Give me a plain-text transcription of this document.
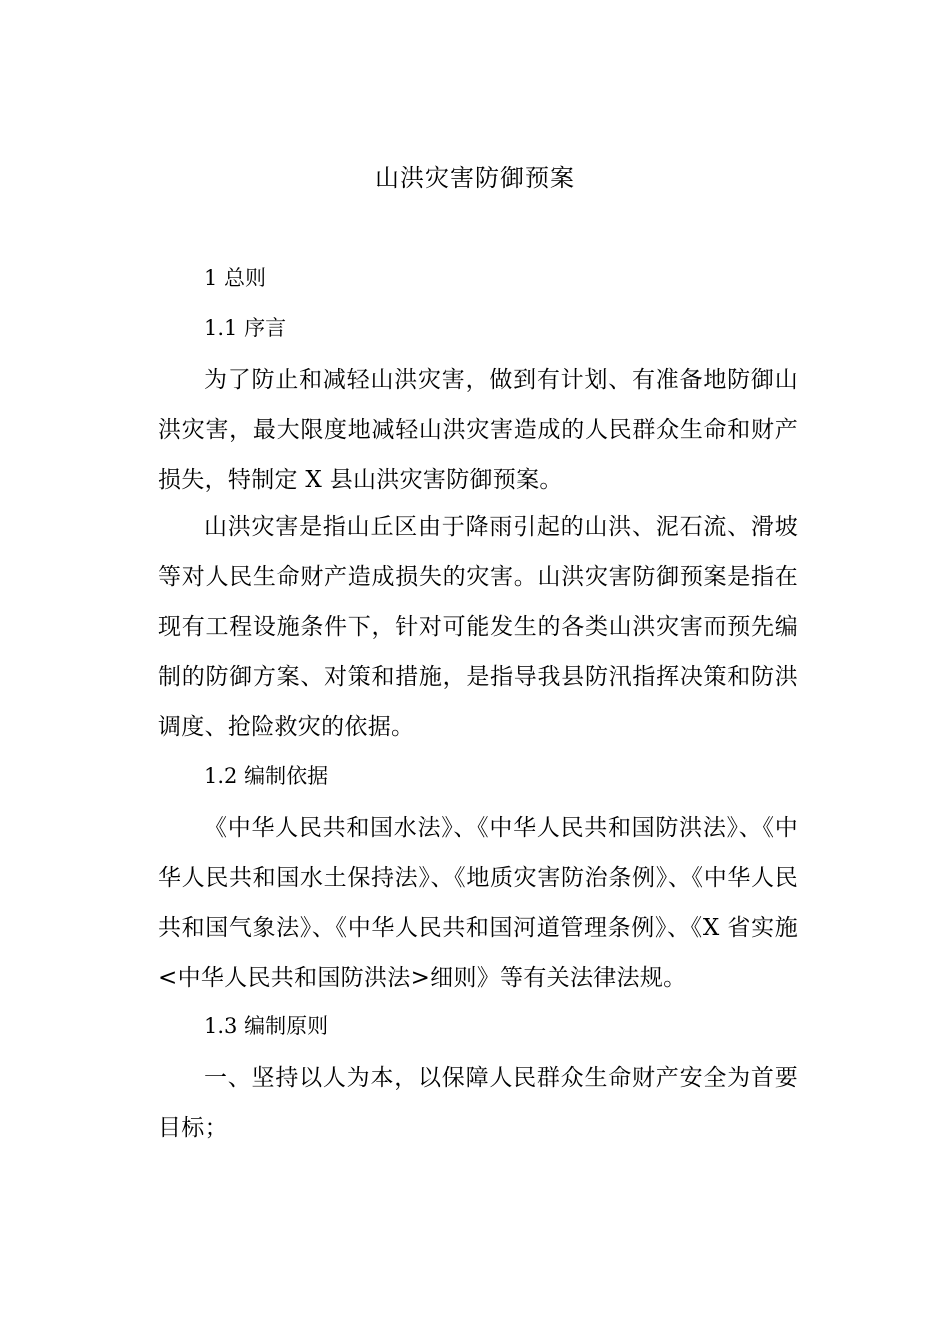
山洪灾害防御预案
1 总则
1.1 序言
为了防止和减轻山洪灾害，做到有计划、有准备地防御山洪灾害，最大限度地减轻山洪灾害造成的人民群众生命和财产损失，特制定 X 县山洪灾害防御预案。
山洪灾害是指山丘区由于降雨引起的山洪、泥石流、滑坡等对人民生命财产造成损失的灾害。山洪灾害防御预案是指在现有工程设施条件下，针对可能发生的各类山洪灾害而预先编制的防御方案、对策和措施，是指导我县防汛指挥决策和防洪调度、抢险救灾的依据。
1.2 编制依据
《中华人民共和国水法》、《中华人民共和国防洪法》、《中华人民共和国水土保持法》、《地质灾害防治条例》、《中华人民共和国气象法》、《中华人民共和国河道管理条例》、《X 省实施<中华人民共和国防洪法>细则》等有关法律法规。
1.3 编制原则
一、坚持以人为本，以保障人民群众生命财产安全为首要目标；
